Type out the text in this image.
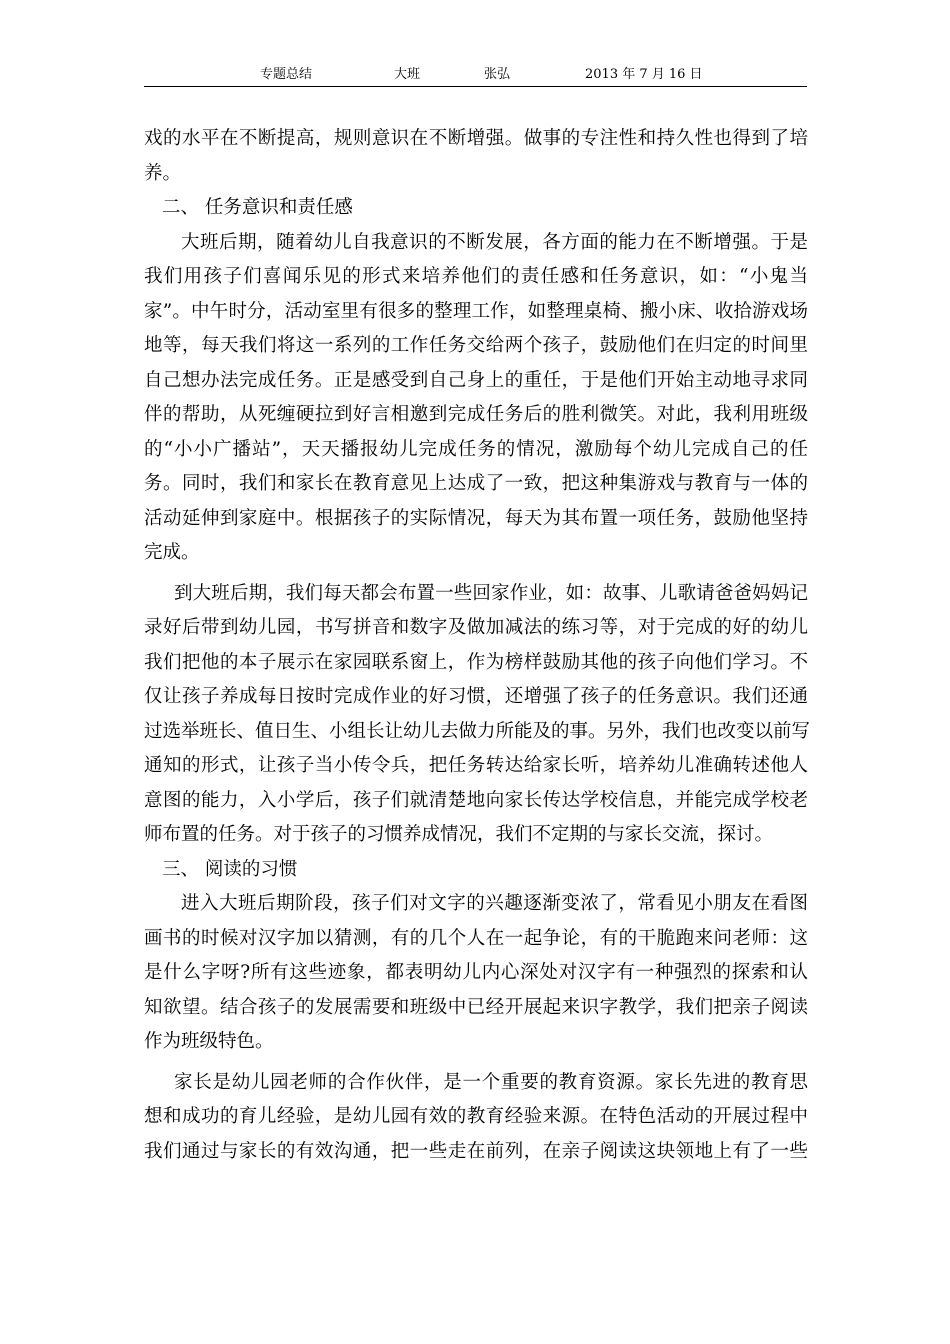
专题总结	大班	张弘	2013 年 7 月 16 日
戏的水平在不断提高，规则意识在不断增强。做事的专注性和持久性也得到了培
养。
二、 任务意识和责任感
大班后期，随着幼儿自我意识的不断发展，各方面的能力在不断增强。于是
我们用孩子们喜闻乐见的形式来培养他们的责任感和任务意识，如：“小鬼当
家”。中午时分，活动室里有很多的整理工作，如整理桌椅、搬小床、收拾游戏场
地等，每天我们将这一系列的工作任务交给两个孩子，鼓励他们在归定的时间里
自己想办法完成任务。正是感受到自己身上的重任，于是他们开始主动地寻求同
伴的帮助，从死缠硬拉到好言相邀到完成任务后的胜利微笑。对此，我利用班级
的“小小广播站”，天天播报幼儿完成任务的情况，激励每个幼儿完成自己的任
务。同时，我们和家长在教育意见上达成了一致，把这种集游戏与教育与一体的
活动延伸到家庭中。根据孩子的实际情况，每天为其布置一项任务，鼓励他坚持
完成。
到大班后期，我们每天都会布置一些回家作业，如：故事、儿歌请爸爸妈妈记
录好后带到幼儿园，书写拼音和数字及做加减法的练习等，对于完成的好的幼儿
我们把他的本子展示在家园联系窗上，作为榜样鼓励其他的孩子向他们学习。不
仅让孩子养成每日按时完成作业的好习惯，还增强了孩子的任务意识。我们还通
过选举班长、值日生、小组长让幼儿去做力所能及的事。另外，我们也改变以前写
通知的形式，让孩子当小传令兵，把任务转达给家长听，培养幼儿准确转述他人
意图的能力，入小学后，孩子们就清楚地向家长传达学校信息，并能完成学校老
师布置的任务。对于孩子的习惯养成情况，我们不定期的与家长交流，探讨。
三、 阅读的习惯
进入大班后期阶段，孩子们对文字的兴趣逐渐变浓了，常看见小朋友在看图
画书的时候对汉字加以猜测，有的几个人在一起争论，有的干脆跑来问老师：这
是什么字呀?所有这些迹象，都表明幼儿内心深处对汉字有一种强烈的探索和认
知欲望。结合孩子的发展需要和班级中已经开展起来识字教学，我们把亲子阅读
作为班级特色。
家长是幼儿园老师的合作伙伴，是一个重要的教育资源。家长先进的教育思
想和成功的育儿经验，是幼儿园有效的教育经验来源。在特色活动的开展过程中
我们通过与家长的有效沟通，把一些走在前列，在亲子阅读这块领地上有了一些
